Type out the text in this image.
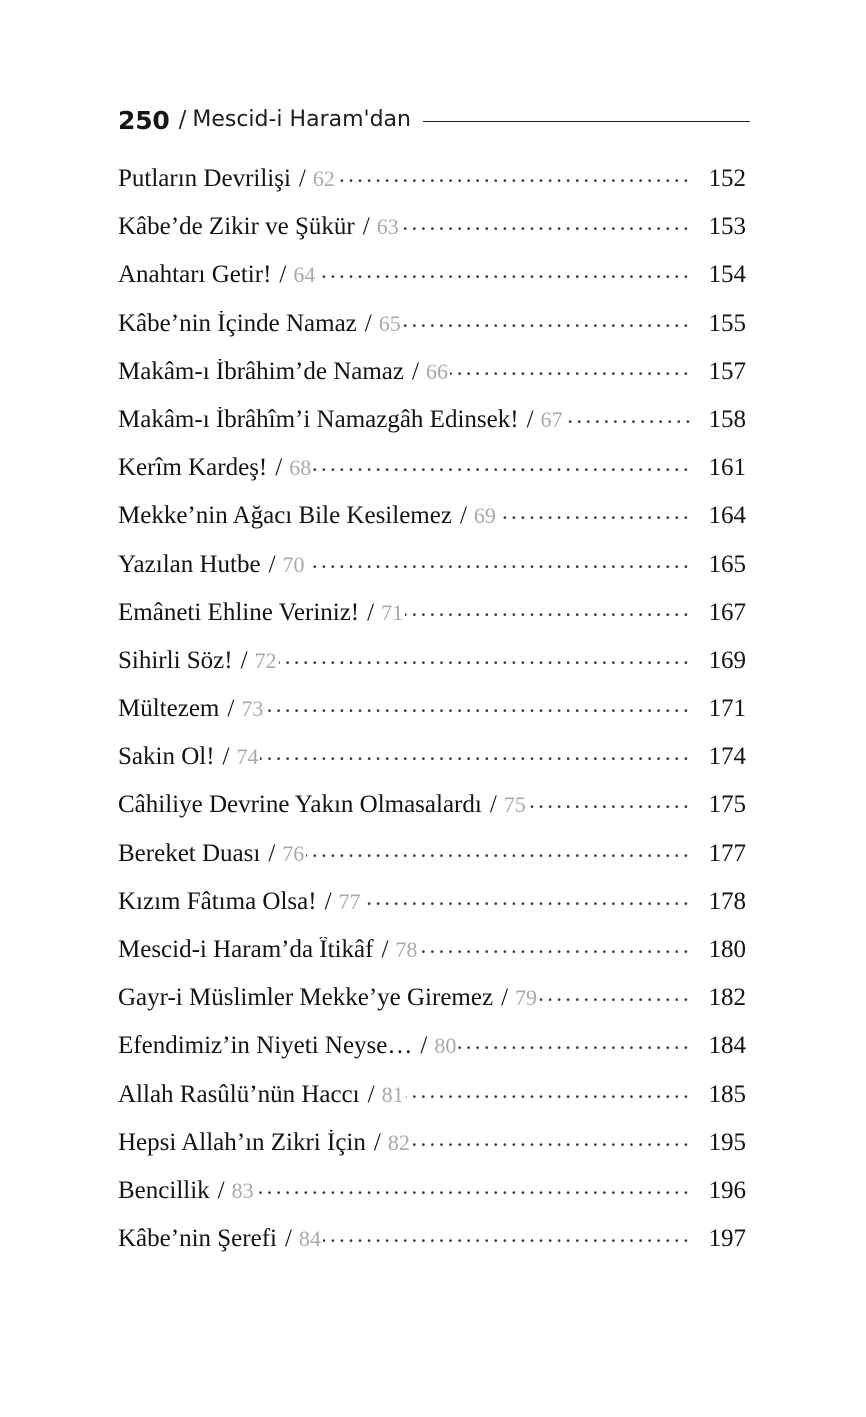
250 / Mescid-i Haram'dan
Putların Devrilişi / 62 .....	152
Kâbe’de Zikir ve Şükür / 63 .....	153
Anahtarı Getir! / 64 .....	154
Kâbe’nin İçinde Namaz / 65 .....	155
Makâm-ı İbrâhim’de Namaz / 66 .....	157
Makâm-ı İbrâhîm’i Namazgâh Edinsek! / 67 .....	158
Kerîm Kardeş! / 68 .....	161
Mekke’nin Ağacı Bile Kesilemez / 69 .....	164
Yazılan Hutbe / 70 .....	165
Emâneti Ehline Veriniz! / 71 .....	167
Sihirli Söz! / 72 .....	169
Mültezem / 73 .....	171
Sakin Ol! / 74 .....	174
Câhiliye Devrine Yakın Olmasalardı / 75 .....	175
Bereket Duası / 76 .....	177
Kızım Fâtıma Olsa! / 77 .....	178
Mescid-i Haram’da Îtikâf / 78 .....	180
Gayr-i Müslimler Mekke’ye Giremez / 79 .....	182
Efendimiz’in Niyeti Neyse… / 80 .....	184
Allah Rasûlü’nün Haccı / 81 .....	185
Hepsi Allah’ın Zikri İçin / 82 .....	195
Bencillik / 83 .....	196
Kâbe’nin Şerefi / 84 .....	197
